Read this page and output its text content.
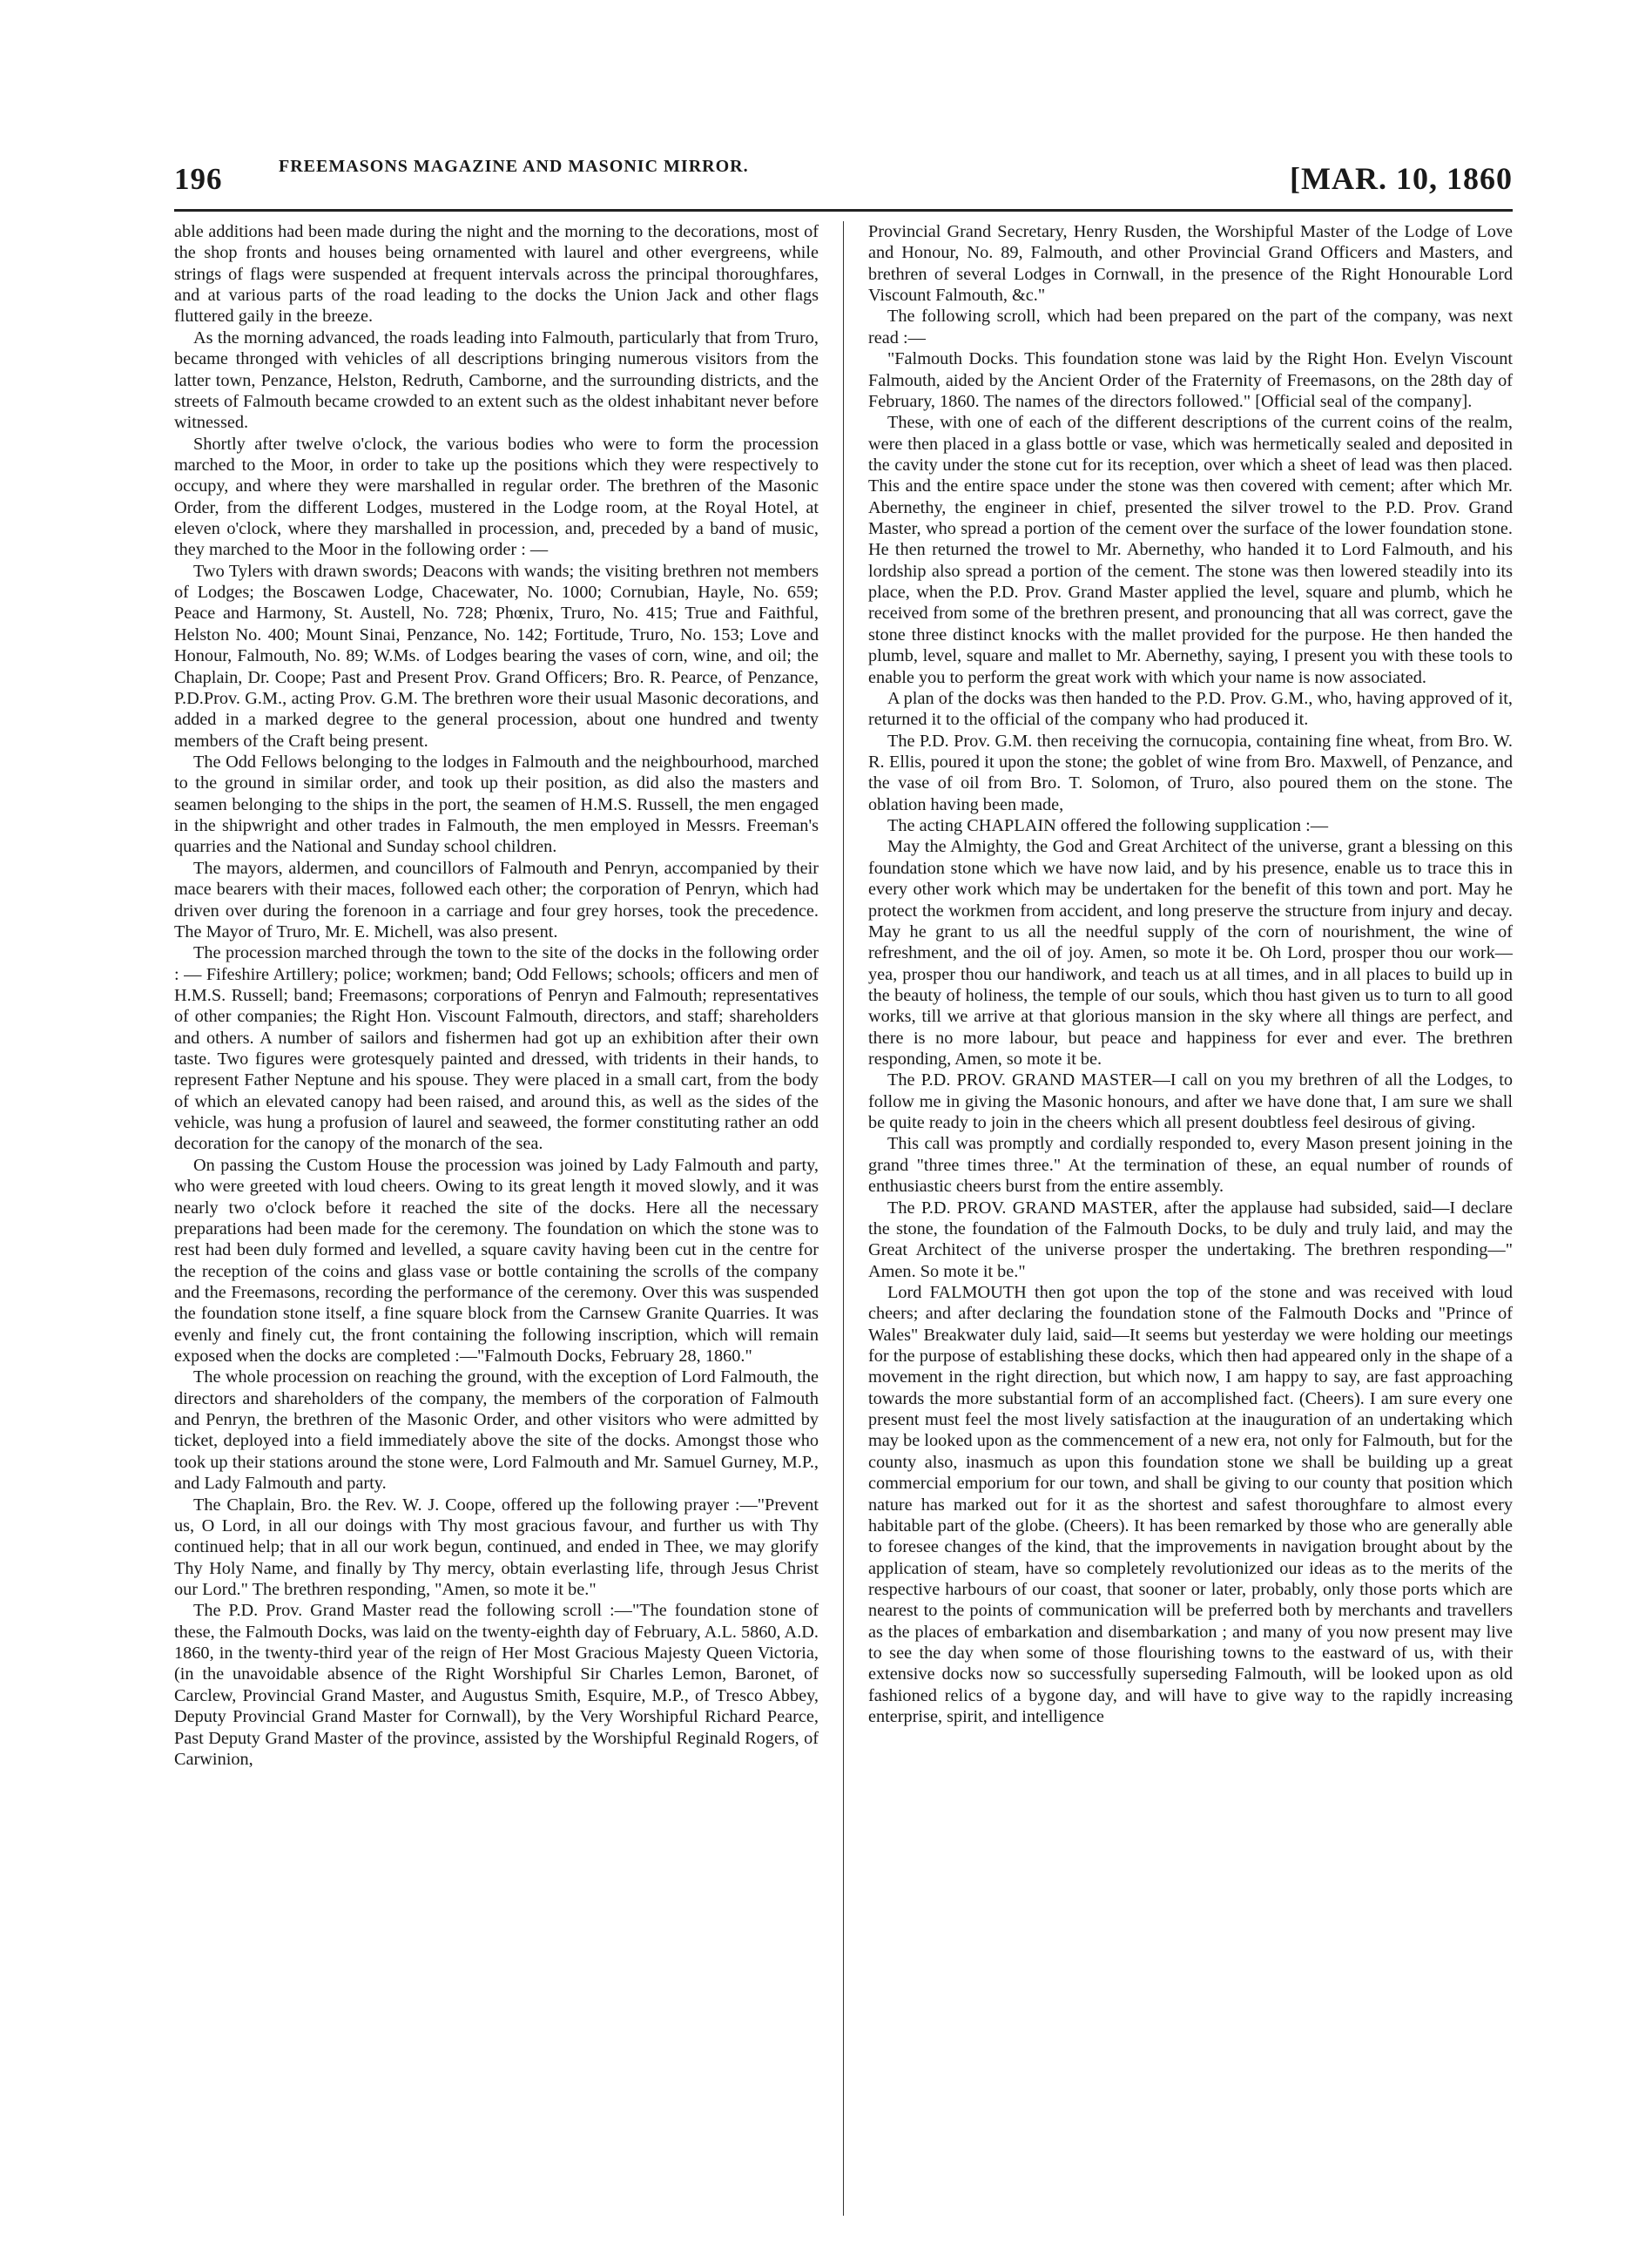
196	FREEMASONS MAGAZINE AND MASONIC MIRROR.	[MAR. 10, 1860

able additions had been made during the night and the morning to the decorations, most of the shop fronts and houses being ornamented with laurel and other evergreens, while strings of flags were suspended at frequent intervals across the principal thoroughfares, and at various parts of the road leading to the docks the Union Jack and other flags fluttered gaily in the breeze.

As the morning advanced, the roads leading into Falmouth, particularly that from Truro, became thronged with vehicles of all descriptions bringing numerous visitors from the latter town, Penzance, Helston, Redruth, Camborne, and the surrounding districts, and the streets of Falmouth became crowded to an extent such as the oldest inhabitant never before witnessed.

Shortly after twelve o'clock, the various bodies who were to form the procession marched to the Moor, in order to take up the positions which they were respectively to occupy, and where they were marshalled in regular order. The brethren of the Masonic Order, from the different Lodges, mustered in the Lodge room, at the Royal Hotel, at eleven o'clock, where they marshalled in procession, and, preceded by a band of music, they marched to the Moor in the following order : —

Two Tylers with drawn swords; Deacons with wands; the visiting brethren not members of Lodges; the Boscawen Lodge, Chacewater, No. 1000; Cornubian, Hayle, No. 659; Peace and Harmony, St. Austell, No. 728; Phœnix, Truro, No. 415; True and Faithful, Helston No. 400; Mount Sinai, Penzance, No. 142; Fortitude, Truro, No. 153; Love and Honour, Falmouth, No. 89; W.Ms. of Lodges bearing the vases of corn, wine, and oil; the Chaplain, Dr. Coope; Past and Present Prov. Grand Officers; Bro. R. Pearce, of Penzance, P.D.Prov. G.M., acting Prov. G.M. The brethren wore their usual Masonic decorations, and added in a marked degree to the general procession, about one hundred and twenty members of the Craft being present.

The Odd Fellows belonging to the lodges in Falmouth and the neighbourhood, marched to the ground in similar order, and took up their position, as did also the masters and seamen belonging to the ships in the port, the seamen of H.M.S. Russell, the men engaged in the shipwright and other trades in Falmouth, the men employed in Messrs. Freeman's quarries and the National and Sunday school children.

The mayors, aldermen, and councillors of Falmouth and Penryn, accompanied by their mace bearers with their maces, followed each other; the corporation of Penryn, which had driven over during the forenoon in a carriage and four grey horses, took the precedence. The Mayor of Truro, Mr. E. Michell, was also present.

The procession marched through the town to the site of the docks in the following order : — Fifeshire Artillery; police; workmen; band; Odd Fellows; schools; officers and men of H.M.S. Russell; band; Freemasons; corporations of Penryn and Falmouth; representatives of other companies; the Right Hon. Viscount Falmouth, directors, and staff; shareholders and others. A number of sailors and fishermen had got up an exhibition after their own taste. Two figures were grotesquely painted and dressed, with tridents in their hands, to represent Father Neptune and his spouse. They were placed in a small cart, from the body of which an elevated canopy had been raised, and around this, as well as the sides of the vehicle, was hung a profusion of laurel and seaweed, the former constituting rather an odd decoration for the canopy of the monarch of the sea.

On passing the Custom House the procession was joined by Lady Falmouth and party, who were greeted with loud cheers. Owing to its great length it moved slowly, and it was nearly two o'clock before it reached the site of the docks. Here all the necessary preparations had been made for the ceremony. The foundation on which the stone was to rest had been duly formed and levelled, a square cavity having been cut in the centre for the reception of the coins and glass vase or bottle containing the scrolls of the company and the Freemasons, recording the performance of the ceremony. Over this was suspended the foundation stone itself, a fine square block from the Carnsew Granite Quarries. It was evenly and finely cut, the front containing the following inscription, which will remain exposed when the docks are completed :—"Falmouth Docks, February 28, 1860."

The whole procession on reaching the ground, with the exception of Lord Falmouth, the directors and shareholders of the company, the members of the corporation of Falmouth and Penryn, the brethren of the Masonic Order, and other visitors who were admitted by ticket, deployed into a field immediately above the site of the docks. Amongst those who took up their stations around the stone were, Lord Falmouth and Mr. Samuel Gurney, M.P., and Lady Falmouth and party.

The Chaplain, Bro. the Rev. W. J. Coope, offered up the following prayer :—"Prevent us, O Lord, in all our doings with Thy most gracious favour, and further us with Thy continued help; that in all our work begun, continued, and ended in Thee, we may glorify Thy Holy Name, and finally by Thy mercy, obtain everlasting life, through Jesus Christ our Lord." The brethren responding, "Amen, so mote it be."

The P.D. Prov. Grand Master read the following scroll :—"The foundation stone of these, the Falmouth Docks, was laid on the twenty-eighth day of February, A.L. 5860, A.D. 1860, in the twenty-third year of the reign of Her Most Gracious Majesty Queen Victoria, (in the unavoidable absence of the Right Worshipful Sir Charles Lemon, Baronet, of Carclew, Provincial Grand Master, and Augustus Smith, Esquire, M.P., of Tresco Abbey, Deputy Provincial Grand Master for Cornwall), by the Very Worshipful Richard Pearce, Past Deputy Grand Master of the province, assisted by the Worshipful Reginald Rogers, of Carwinion,

Provincial Grand Secretary, Henry Rusden, the Worshipful Master of the Lodge of Love and Honour, No. 89, Falmouth, and other Provincial Grand Officers and Masters, and brethren of several Lodges in Cornwall, in the presence of the Right Honourable Lord Viscount Falmouth, &c."

The following scroll, which had been prepared on the part of the company, was next read :—

"Falmouth Docks. This foundation stone was laid by the Right Hon. Evelyn Viscount Falmouth, aided by the Ancient Order of the Fraternity of Freemasons, on the 28th day of February, 1860. The names of the directors followed." [Official seal of the company].

These, with one of each of the different descriptions of the current coins of the realm, were then placed in a glass bottle or vase, which was hermetically sealed and deposited in the cavity under the stone cut for its reception, over which a sheet of lead was then placed. This and the entire space under the stone was then covered with cement; after which Mr. Abernethy, the engineer in chief, presented the silver trowel to the P.D. Prov. Grand Master, who spread a portion of the cement over the surface of the lower foundation stone. He then returned the trowel to Mr. Abernethy, who handed it to Lord Falmouth, and his lordship also spread a portion of the cement. The stone was then lowered steadily into its place, when the P.D. Prov. Grand Master applied the level, square and plumb, which he received from some of the brethren present, and pronouncing that all was correct, gave the stone three distinct knocks with the mallet provided for the purpose. He then handed the plumb, level, square and mallet to Mr. Abernethy, saying, I present you with these tools to enable you to perform the great work with which your name is now associated.

A plan of the docks was then handed to the P.D. Prov. G.M., who, having approved of it, returned it to the official of the company who had produced it.

The P.D. Prov. G.M. then receiving the cornucopia, containing fine wheat, from Bro. W. R. Ellis, poured it upon the stone; the goblet of wine from Bro. Maxwell, of Penzance, and the vase of oil from Bro. T. Solomon, of Truro, also poured them on the stone. The oblation having been made,

The acting CHAPLAIN offered the following supplication :—

May the Almighty, the God and Great Architect of the universe, grant a blessing on this foundation stone which we have now laid, and by his presence, enable us to trace this in every other work which may be undertaken for the benefit of this town and port. May he protect the workmen from accident, and long preserve the structure from injury and decay. May he grant to us all the needful supply of the corn of nourishment, the wine of refreshment, and the oil of joy. Amen, so mote it be. Oh Lord, prosper thou our work—yea, prosper thou our handiwork, and teach us at all times, and in all places to build up in the beauty of holiness, the temple of our souls, which thou hast given us to turn to all good works, till we arrive at that glorious mansion in the sky where all things are perfect, and there is no more labour, but peace and happiness for ever and ever. The brethren responding, Amen, so mote it be.

The P.D. PROV. GRAND MASTER—I call on you my brethren of all the Lodges, to follow me in giving the Masonic honours, and after we have done that, I am sure we shall be quite ready to join in the cheers which all present doubtless feel desirous of giving.

This call was promptly and cordially responded to, every Mason present joining in the grand "three times three." At the termination of these, an equal number of rounds of enthusiastic cheers burst from the entire assembly.

The P.D. PROV. GRAND MASTER, after the applause had subsided, said—I declare the stone, the foundation of the Falmouth Docks, to be duly and truly laid, and may the Great Architect of the universe prosper the undertaking. The brethren responding—" Amen. So mote it be."

Lord FALMOUTH then got upon the top of the stone and was received with loud cheers; and after declaring the foundation stone of the Falmouth Docks and "Prince of Wales" Breakwater duly laid, said—It seems but yesterday we were holding our meetings for the purpose of establishing these docks, which then had appeared only in the shape of a movement in the right direction, but which now, I am happy to say, are fast approaching towards the more substantial form of an accomplished fact. (Cheers). I am sure every one present must feel the most lively satisfaction at the inauguration of an undertaking which may be looked upon as the commencement of a new era, not only for Falmouth, but for the county also, inasmuch as upon this foundation stone we shall be building up a great commercial emporium for our town, and shall be giving to our county that position which nature has marked out for it as the shortest and safest thoroughfare to almost every habitable part of the globe. (Cheers). It has been remarked by those who are generally able to foresee changes of the kind, that the improvements in navigation brought about by the application of steam, have so completely revolutionized our ideas as to the merits of the respective harbours of our coast, that sooner or later, probably, only those ports which are nearest to the points of communication will be preferred both by merchants and travellers as the places of embarkation and disembarkation ; and many of you now present may live to see the day when some of those flourishing towns to the eastward of us, with their extensive docks now so successfully superseding Falmouth, will be looked upon as old fashioned relics of a bygone day, and will have to give way to the rapidly increasing enterprise, spirit, and intelligence
